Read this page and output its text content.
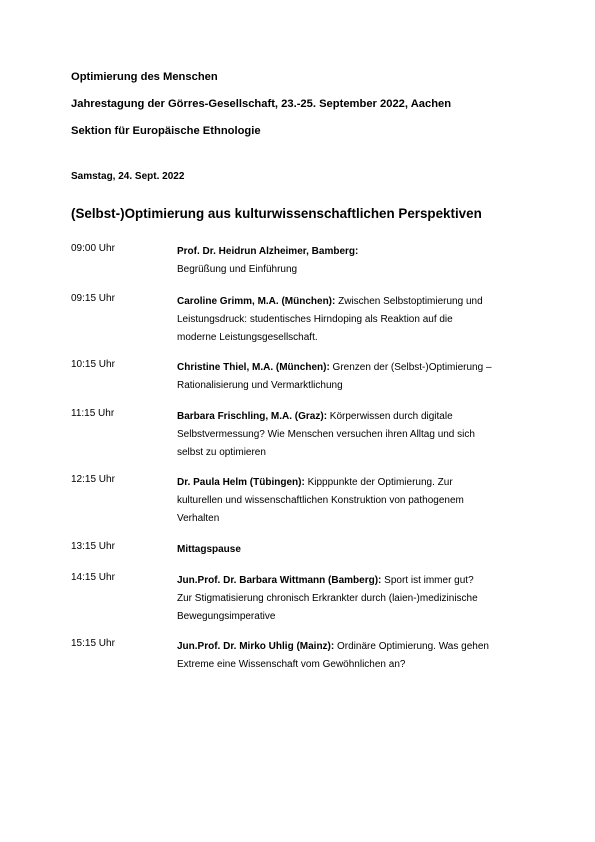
Optimierung des Menschen
Jahrestagung der Görres-Gesellschaft, 23.-25. September 2022, Aachen
Sektion für Europäische Ethnologie
Samstag, 24. Sept. 2022
(Selbst-)Optimierung aus kulturwissenschaftlichen Perspektiven
09:00 Uhr	Prof. Dr. Heidrun Alzheimer, Bamberg:
Begrüßung und Einführung
09:15 Uhr	Caroline Grimm, M.A. (München): Zwischen Selbstoptimierung und
Leistungsdruck: studentisches Hirndoping als Reaktion auf die
moderne Leistungsgesellschaft.
10:15 Uhr	Christine Thiel, M.A. (München): Grenzen der (Selbst-)Optimierung –
Rationalisierung und Vermarktlichung
11:15 Uhr	Barbara Frischling, M.A. (Graz): Körperwissen durch digitale
Selbstvermessung? Wie Menschen versuchen ihren Alltag und sich
selbst zu optimieren
12:15 Uhr	Dr. Paula Helm (Tübingen): Kipppunkte der Optimierung. Zur
kulturellen und wissenschaftlichen Konstruktion von pathogenem
Verhalten
13:15 Uhr	Mittagspause
14:15 Uhr	Jun.Prof. Dr. Barbara Wittmann (Bamberg): Sport ist immer gut?
Zur Stigmatisierung chronisch Erkrankter durch (laien-)medizinische
Bewegungsimperative
15:15 Uhr	Jun.Prof. Dr. Mirko Uhlig (Mainz): Ordinäre Optimierung. Was gehen
Extreme eine Wissenschaft vom Gewöhnlichen an?
